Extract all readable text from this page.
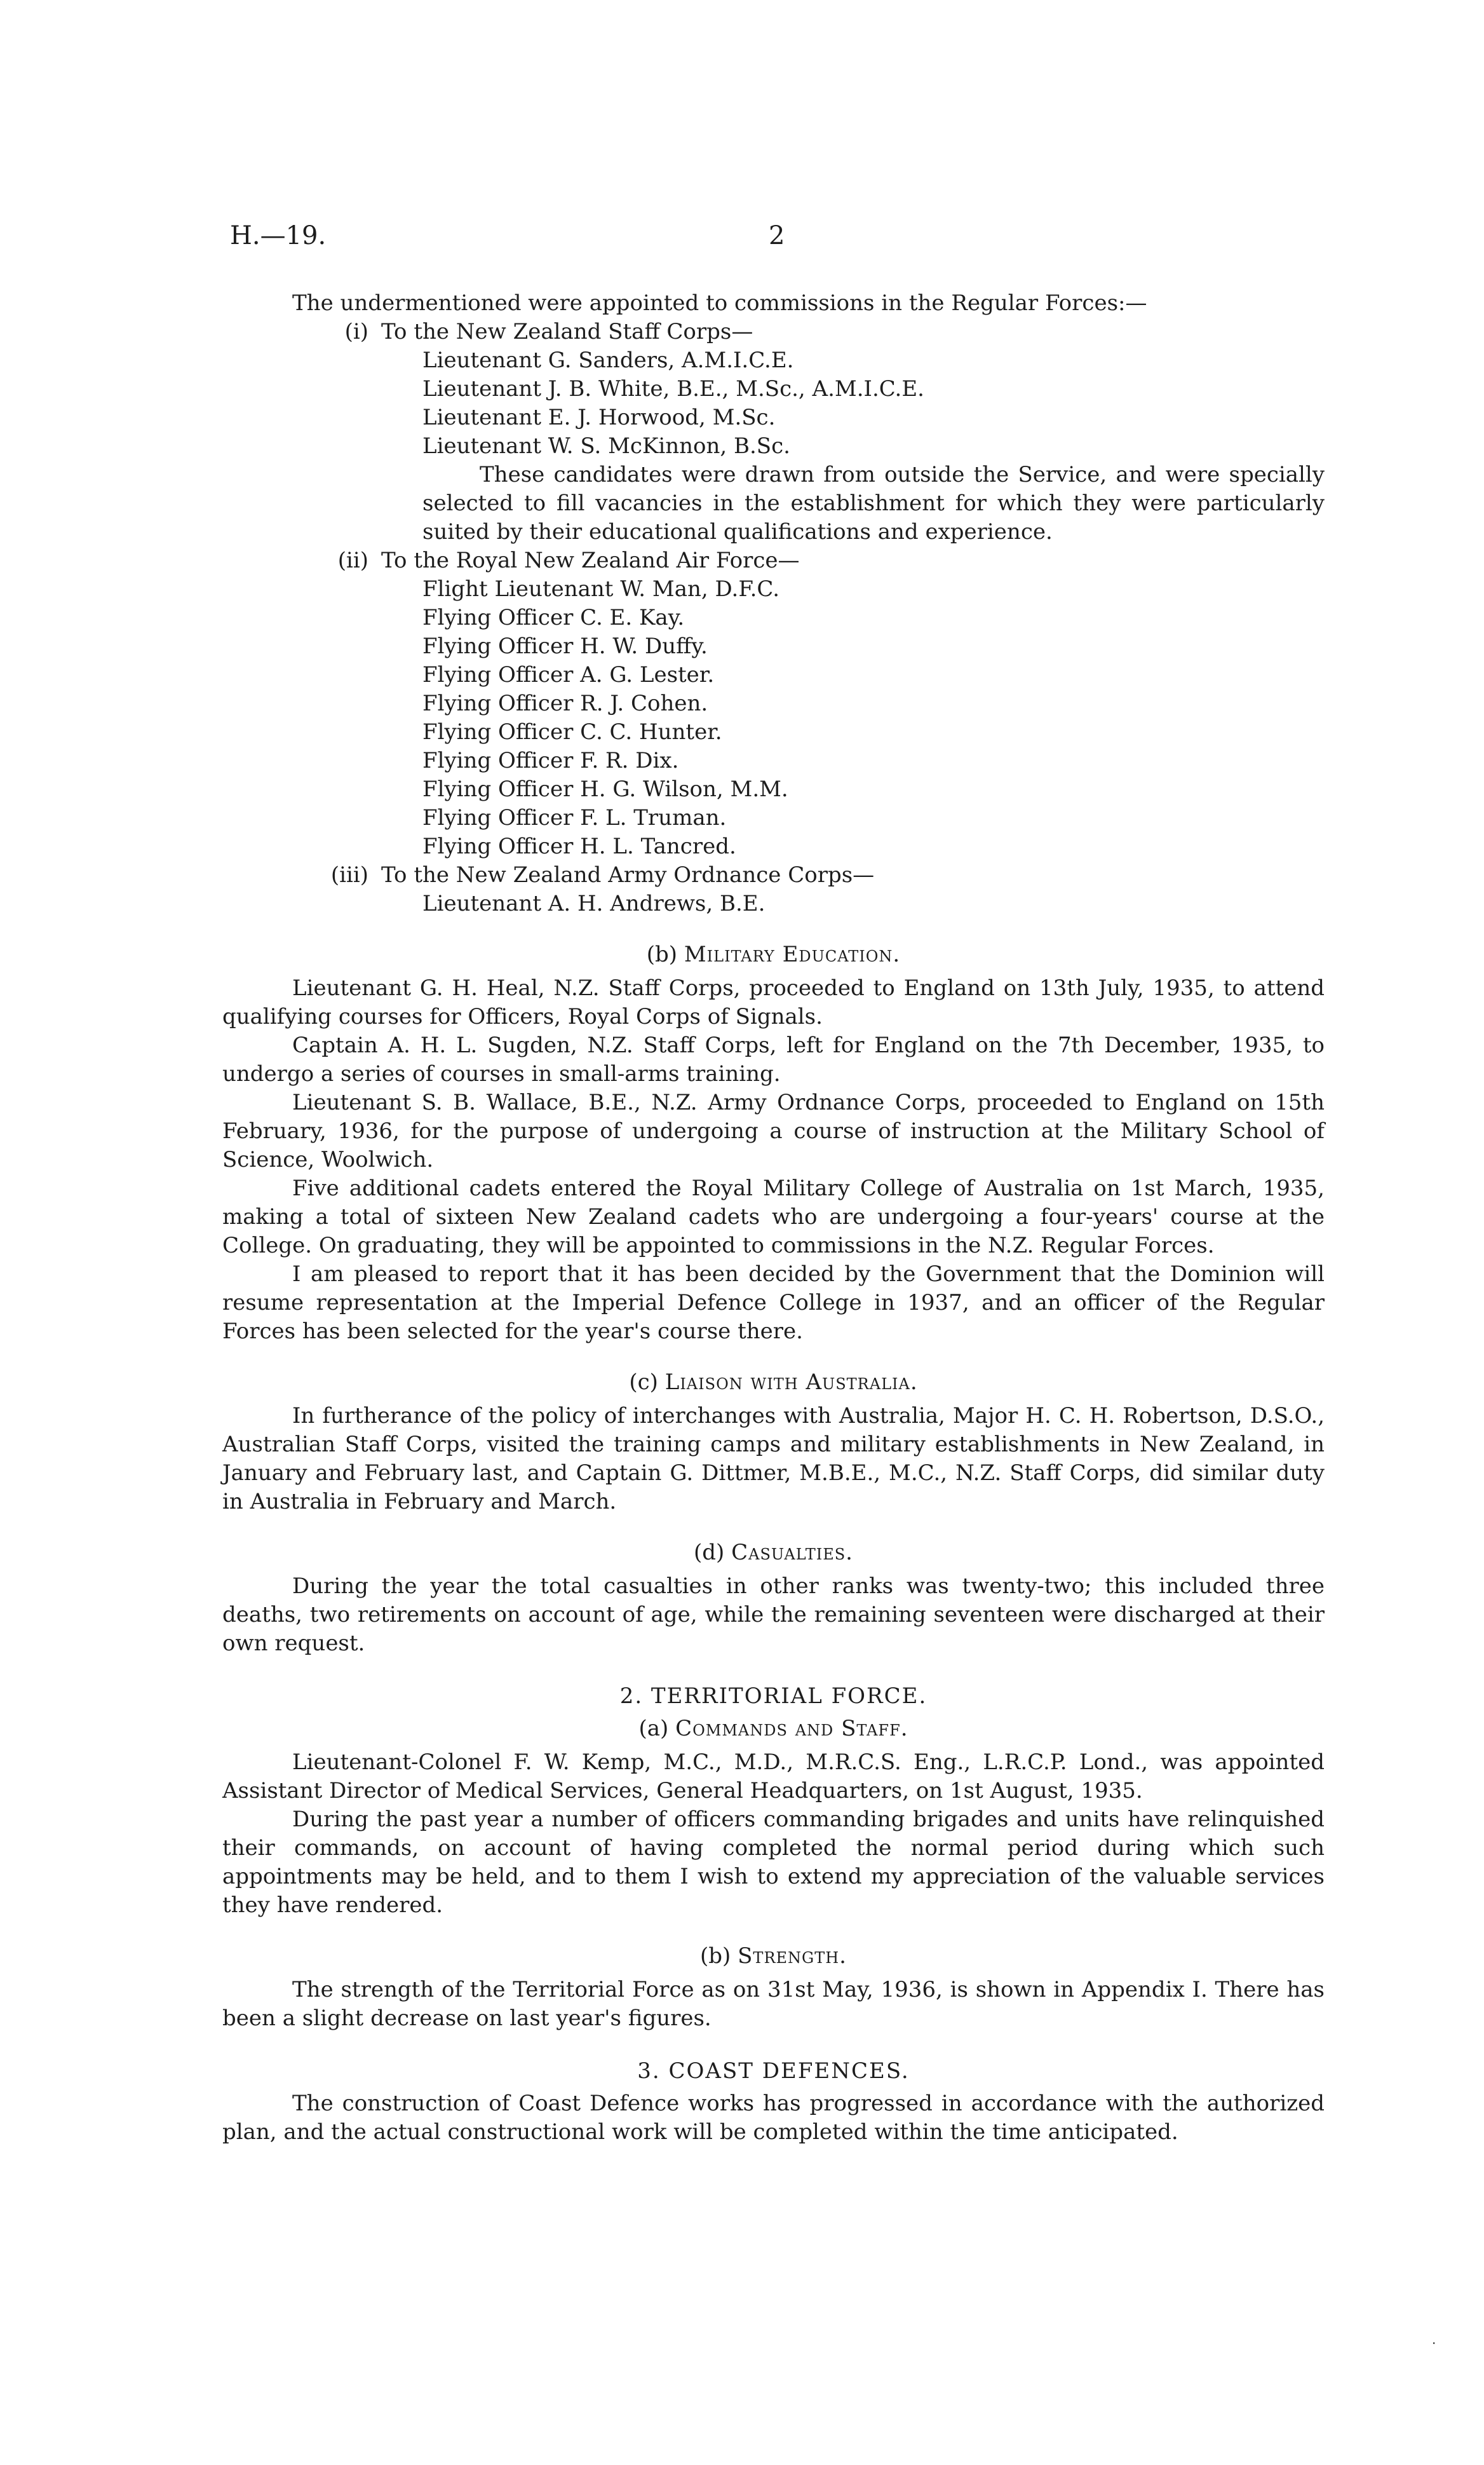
H.—19.	2

The undermentioned were appointed to commissions in the Regular Forces:—

(i) To the New Zealand Staff Corps—

Lieutenant G. Sanders, A.M.I.C.E.

Lieutenant J. B. White, B.E., M.Sc., A.M.I.C.E.

Lieutenant E. J. Horwood, M.Sc.

Lieutenant W. S. McKinnon, B.Sc.

These candidates were drawn from outside the Service, and were specially selected to fill vacancies in the establishment for which they were particularly suited by their educational qualifications and experience.

(ii) To the Royal New Zealand Air Force—

Flight Lieutenant W. Man, D.F.C.

Flying Officer C. E. Kay.

Flying Officer H. W. Duffy.

Flying Officer A. G. Lester.

Flying Officer R. J. Cohen.

Flying Officer C. C. Hunter.

Flying Officer F. R. Dix.

Flying Officer H. G. Wilson, M.M.

Flying Officer F. L. Truman.

Flying Officer H. L. Tancred.

(iii) To the New Zealand Army Ordnance Corps—

Lieutenant A. H. Andrews, B.E.

(b) Military Education.

Lieutenant G. H. Heal, N.Z. Staff Corps, proceeded to England on 13th July, 1935, to attend qualifying courses for Officers, Royal Corps of Signals.

Captain A. H. L. Sugden, N.Z. Staff Corps, left for England on the 7th December, 1935, to undergo a series of courses in small-arms training.

Lieutenant S. B. Wallace, B.E., N.Z. Army Ordnance Corps, proceeded to England on 15th February, 1936, for the purpose of undergoing a course of instruction at the Military School of Science, Woolwich.

Five additional cadets entered the Royal Military College of Australia on 1st March, 1935, making a total of sixteen New Zealand cadets who are undergoing a four-years' course at the College. On graduating, they will be appointed to commissions in the N.Z. Regular Forces.

I am pleased to report that it has been decided by the Government that the Dominion will resume representation at the Imperial Defence College in 1937, and an officer of the Regular Forces has been selected for the year's course there.

(c) Liaison with Australia.

In furtherance of the policy of interchanges with Australia, Major H. C. H. Robertson, D.S.O., Australian Staff Corps, visited the training camps and military establishments in New Zealand, in January and February last, and Captain G. Dittmer, M.B.E., M.C., N.Z. Staff Corps, did similar duty in Australia in February and March.

(d) Casualties.

During the year the total casualties in other ranks was twenty-two; this included three deaths, two retirements on account of age, while the remaining seventeen were discharged at their own request.

2. TERRITORIAL FORCE.

(a) Commands and Staff.

Lieutenant-Colonel F. W. Kemp, M.C., M.D., M.R.C.S. Eng., L.R.C.P. Lond., was appointed Assistant Director of Medical Services, General Headquarters, on 1st August, 1935.

During the past year a number of officers commanding brigades and units have relinquished their commands, on account of having completed the normal period during which such appointments may be held, and to them I wish to extend my appreciation of the valuable services they have rendered.

(b) Strength.

The strength of the Territorial Force as on 31st May, 1936, is shown in Appendix I. There has been a slight decrease on last year's figures.

3. COAST DEFENCES.

The construction of Coast Defence works has progressed in accordance with the authorized plan, and the actual constructional work will be completed within the time anticipated.

·
